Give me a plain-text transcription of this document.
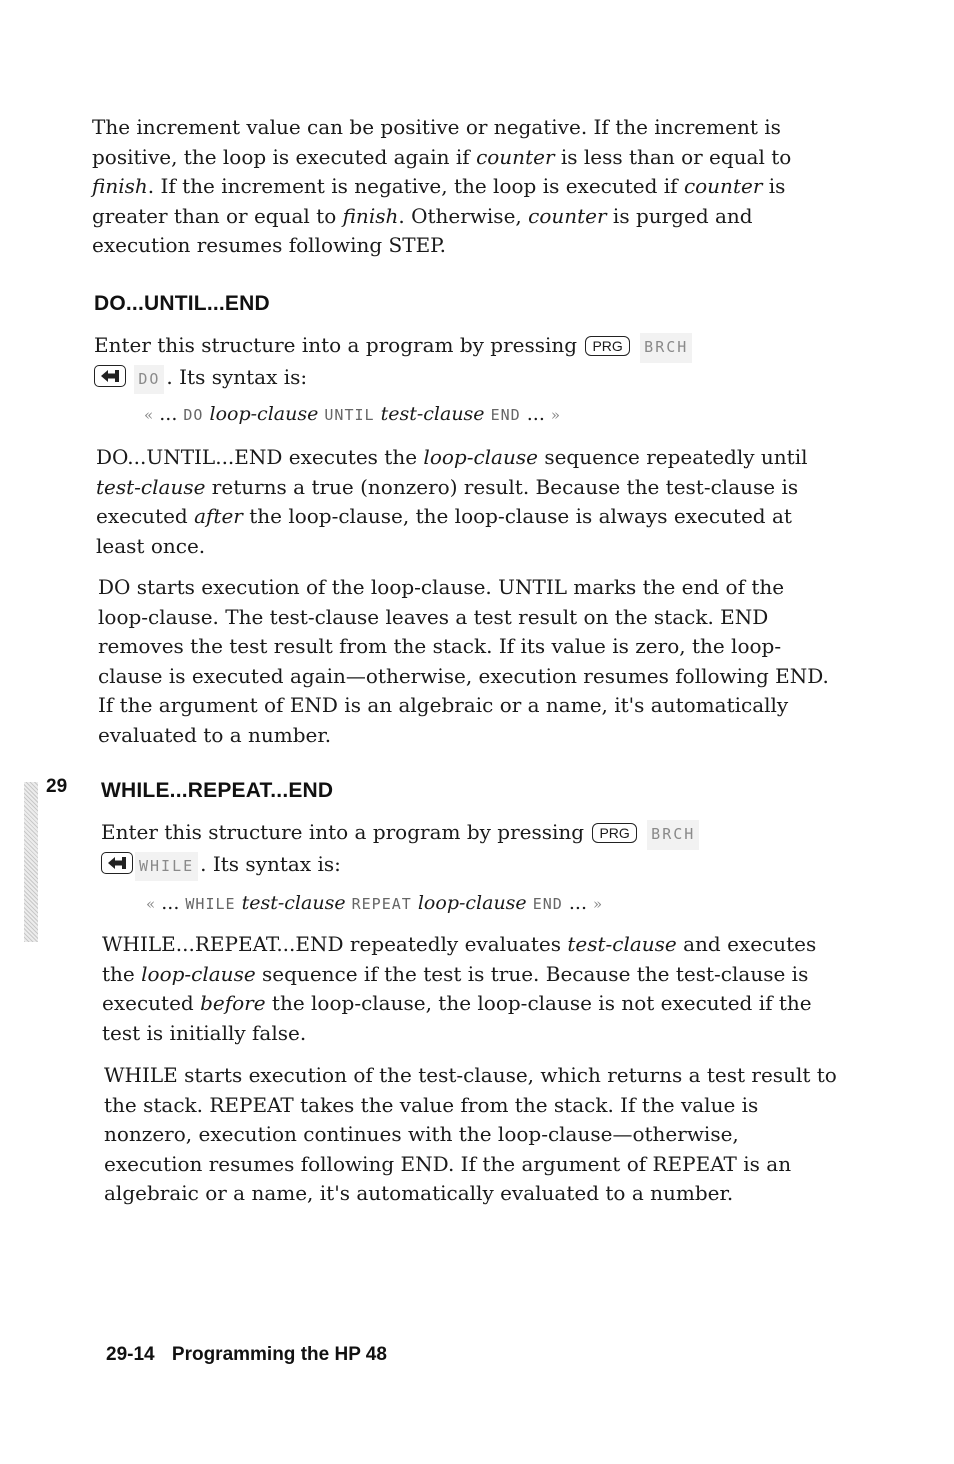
The increment value can be positive or negative. If the increment is positive, the loop is executed again if counter is less than or equal to finish. If the increment is negative, the loop is executed if counter is greater than or equal to finish. Otherwise, counter is purged and execution resumes following STEP.

DO...UNTIL...END

Enter this structure into a program by pressing PRG BRCH

DO . Its syntax is:

« ... DO loop-clause UNTIL test-clause END ... »

DO...UNTIL...END executes the loop-clause sequence repeatedly until test-clause returns a true (nonzero) result. Because the test-clause is executed after the loop-clause, the loop-clause is always executed at least once.

DO starts execution of the loop-clause. UNTIL marks the end of the loop-clause. The test-clause leaves a test result on the stack. END removes the test result from the stack. If its value is zero, the loop-clause is executed again—otherwise, execution resumes following END. If the argument of END is an algebraic or a name, it's automatically evaluated to a number.

29 WHILE...REPEAT...END

Enter this structure into a program by pressing PRG BRCH

WHILE . Its syntax is:

« ... WHILE test-clause REPEAT loop-clause END ... »

WHILE...REPEAT...END repeatedly evaluates test-clause and executes the loop-clause sequence if the test is true. Because the test-clause is executed before the loop-clause, the loop-clause is not executed if the test is initially false.

WHILE starts execution of the test-clause, which returns a test result to the stack. REPEAT takes the value from the stack. If the value is nonzero, execution continues with the loop-clause—otherwise, execution resumes following END. If the argument of REPEAT is an algebraic or a name, it's automatically evaluated to a number.

29-14 Programming the HP 48
